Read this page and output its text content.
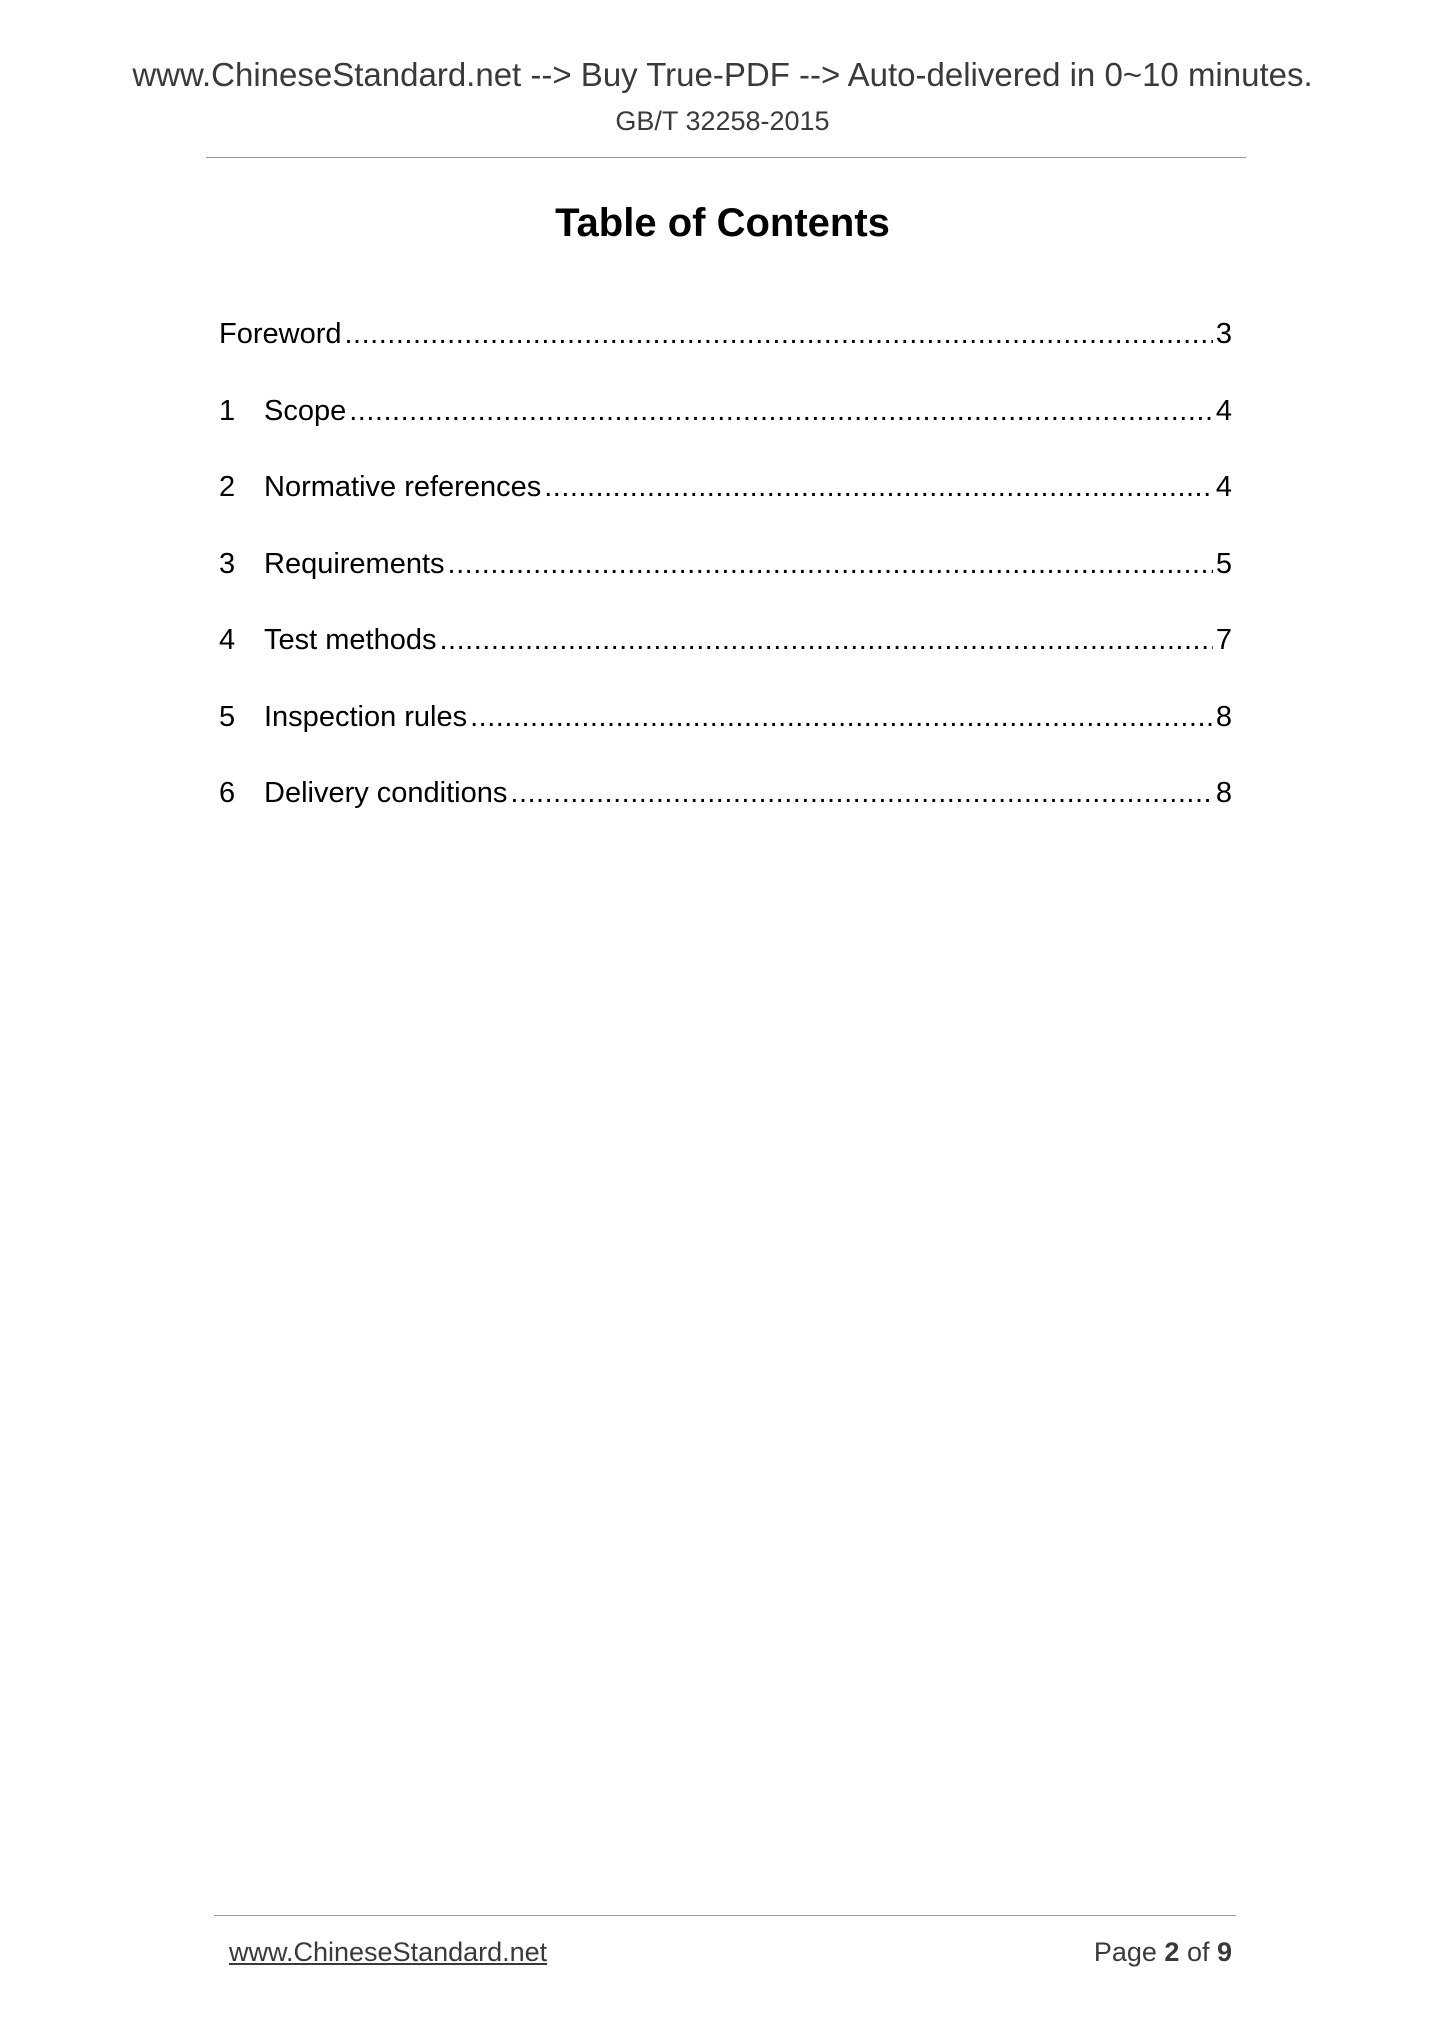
www.ChineseStandard.net --> Buy True-PDF --> Auto-delivered in 0~10 minutes.
GB/T 32258-2015
Table of Contents
Foreword .....	3
1 Scope .....	4
2 Normative references .....	4
3 Requirements .....	5
4 Test methods .....	7
5 Inspection rules .....	8
6 Delivery conditions .....	8
www.ChineseStandard.net	Page 2 of 9
